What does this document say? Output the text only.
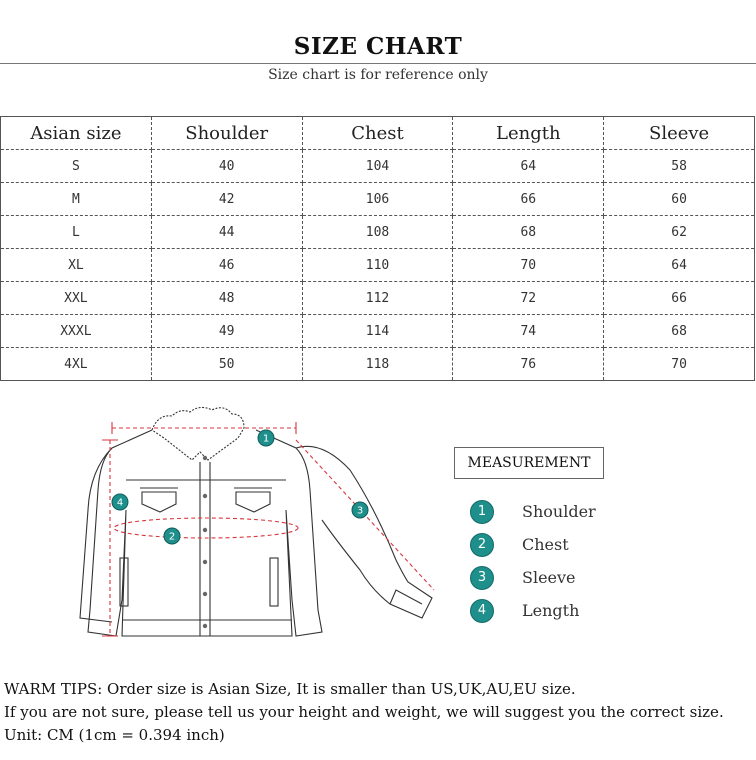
SIZE CHART
Size chart is for reference only
Asian size	Shoulder	Chest	Length	Sleeve
S	40	104	64	58
M	42	106	66	60
L	44	108	68	62
XL	46	110	70	64
XXL	48	112	72	66
XXXL	49	114	74	68
4XL	50	118	76	70
1
2
3
4
MEASUREMENT
1	Shoulder
2	Chest
3	Sleeve
4	Length
WARM TIPS: Order size is Asian Size, It is smaller than US,UK,AU,EU size.
If you are not sure, please tell us your height and weight, we will suggest you the correct size.
Unit: CM (1cm = 0.394 inch)
